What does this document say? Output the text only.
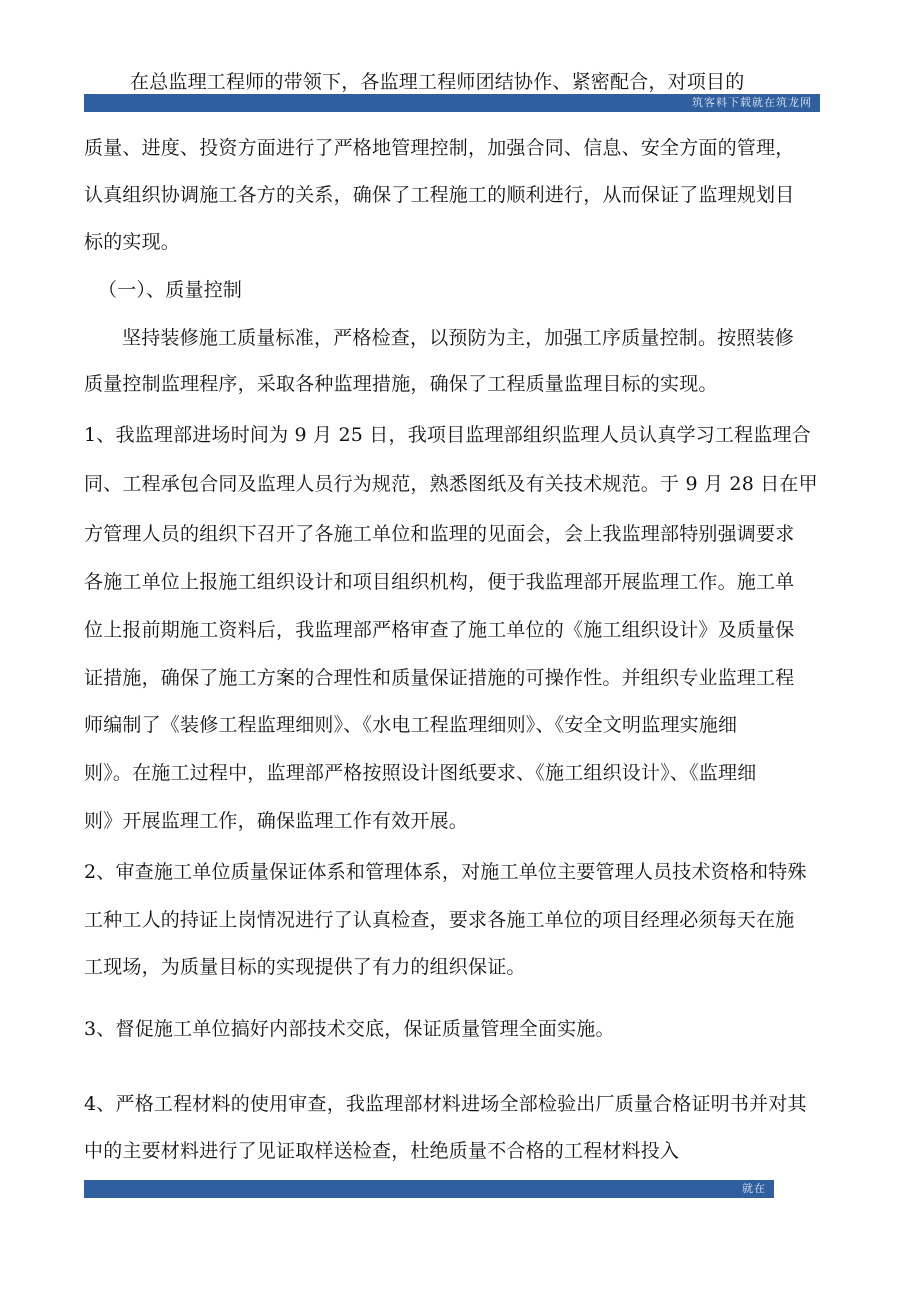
在总监理工程师的带领下，各监理工程师团结协作、紧密配合，对项目的
筑客料下载就在筑龙网
质量、进度、投资方面进行了严格地管理控制，加强合同、信息、安全方面的管理，
认真组织协调施工各方的关系，确保了工程施工的顺利进行，从而保证了监理规划目
标的实现。
（一）、质量控制
坚持装修施工质量标准，严格检查，以预防为主，加强工序质量控制。按照装修
质量控制监理程序，采取各种监理措施，确保了工程质量监理目标的实现。
1、我监理部进场时间为 9 月 25 日，我项目监理部组织监理人员认真学习工程监理合
同、工程承包合同及监理人员行为规范，熟悉图纸及有关技术规范。于 9 月 28 日在甲
方管理人员的组织下召开了各施工单位和监理的见面会，会上我监理部特别强调要求
各施工单位上报施工组织设计和项目组织机构，便于我监理部开展监理工作。施工单
位上报前期施工资料后，我监理部严格审查了施工单位的《施工组织设计》及质量保
证措施，确保了施工方案的合理性和质量保证措施的可操作性。并组织专业监理工程
师编制了《装修工程监理细则》、《水电工程监理细则》、《安全文明监理实施细
则》。在施工过程中，监理部严格按照设计图纸要求、《施工组织设计》、《监理细
则》开展监理工作，确保监理工作有效开展。
2、审查施工单位质量保证体系和管理体系，对施工单位主要管理人员技术资格和特殊
工种工人的持证上岗情况进行了认真检查，要求各施工单位的项目经理必须每天在施
工现场，为质量目标的实现提供了有力的组织保证。
3、督促施工单位搞好内部技术交底，保证质量管理全面实施。
4、严格工程材料的使用审查，我监理部材料进场全部检验出厂质量合格证明书并对其
中的主要材料进行了见证取样送检查，杜绝质量不合格的工程材料投入
就在
